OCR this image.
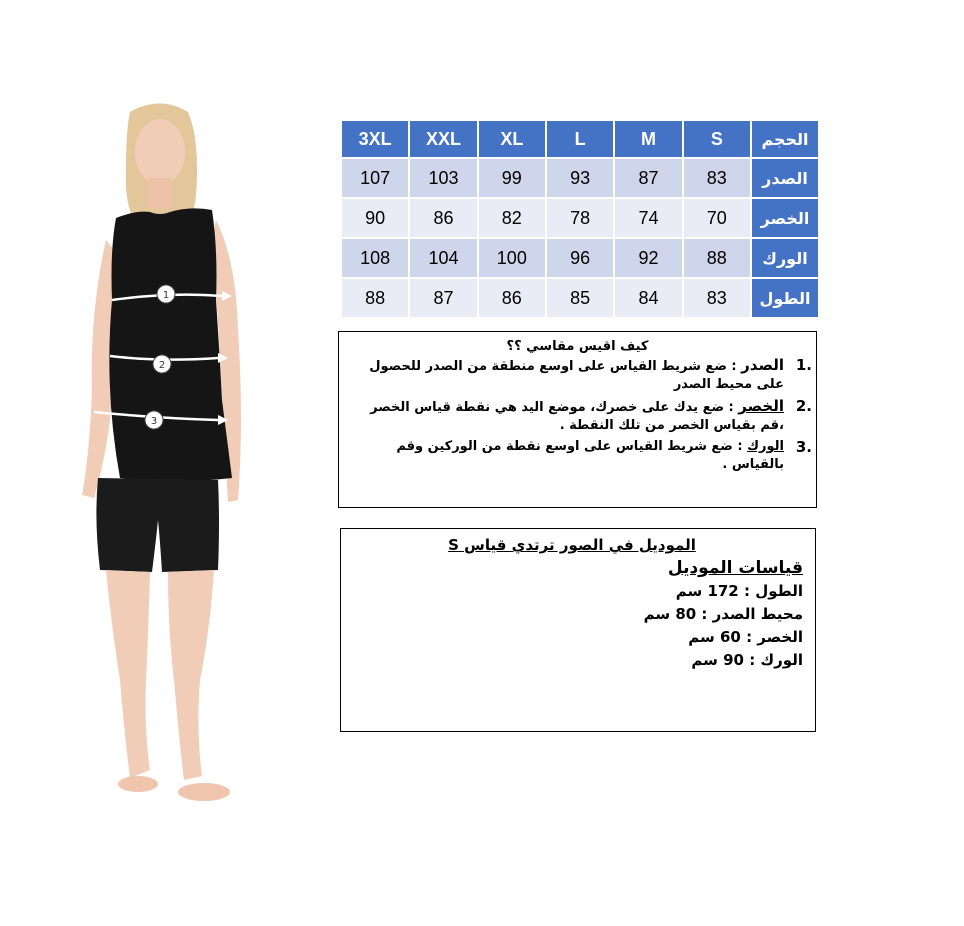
1
2
3
3XL	XXL	XL	L	M	S	الحجم
107	103	99	93	87	83	الصدر
90	86	82	78	74	70	الخصر
108	104	100	96	92	88	الورك
88	87	86	85	84	83	الطول
كيف اقيس مقاسي ؟؟
1.
الصدر : ضع شريط القياس على اوسع منطقة من الصدر للحصول على محيط الصدر
2.
الخصر : ضع يدك على خصرك، موضع اليد هي نقطة قياس الخصر ،قم بقياس الخصر من تلك النقطة .
3.
الورك : ضع شريط القياس على اوسع نقطة من الوركين وقم بالقياس .
الموديل في الصور ترتدي قياس S
قياسات الموديل
الطول : 172 سم
محيط الصدر : 80 سم
الخصر : 60 سم
الورك : 90 سم
